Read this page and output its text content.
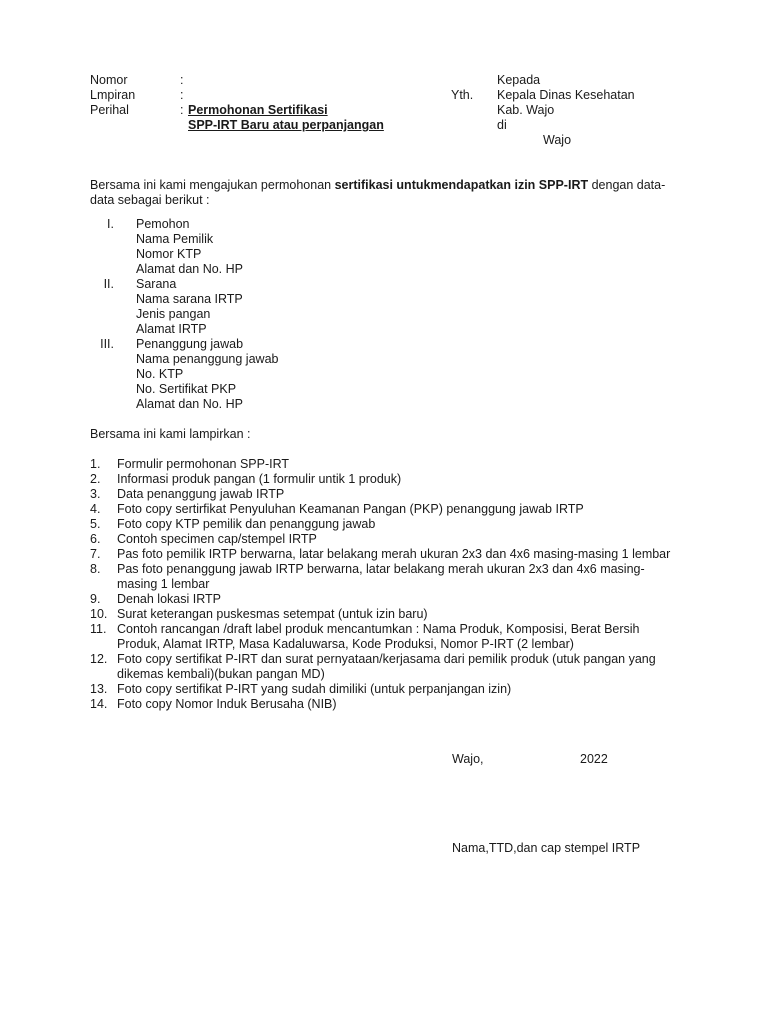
Nomor	:
Lmpiran	:
Perihal	: Permohonan Sertifikasi
SPP-IRT Baru atau perpanjangan
Yth.
Kepada
Kepala Dinas Kesehatan
Kab. Wajo
di
Wajo
Bersama ini kami mengajukan permohonan sertifikasi untukmendapatkan izin SPP-IRT dengan data-data sebagai berikut :
I. Pemohon
Nama Pemilik
Nomor KTP
Alamat dan No. HP
II. Sarana
Nama sarana IRTP
Jenis pangan
Alamat IRTP
III. Penanggung jawab
Nama penanggung jawab
No. KTP
No. Sertifikat PKP
Alamat dan No. HP
Bersama ini kami lampirkan :
1.	Formulir permohonan SPP-IRT
2.	Informasi produk pangan (1 formulir untik 1 produk)
3.	Data penanggung jawab IRTP
4.	Foto copy sertirfikat Penyuluhan Keamanan Pangan (PKP) penanggung jawab IRTP
5.	Foto copy KTP pemilik dan penanggung jawab
6.	Contoh specimen cap/stempel IRTP
7.	Pas foto pemilik IRTP berwarna, latar belakang merah ukuran 2x3 dan 4x6 masing-masing 1 lembar
8.	Pas foto penanggung jawab IRTP berwarna, latar belakang merah ukuran 2x3 dan 4x6 masing-masing 1 lembar
9.	Denah lokasi IRTP
10. Surat keterangan puskesmas setempat (untuk izin baru)
11. Contoh rancangan /draft label produk mencantumkan : Nama Produk, Komposisi, Berat Bersih Produk, Alamat IRTP, Masa Kadaluwarsa, Kode Produksi, Nomor P-IRT (2 lembar)
12. Foto copy sertifikat P-IRT dan surat pernyataan/kerjasama dari pemilik produk (utuk pangan yang dikemas kembali)(bukan pangan MD)
13. Foto copy sertifikat P-IRT yang sudah dimiliki (untuk perpanjangan izin)
14. Foto copy Nomor Induk Berusaha (NIB)
Wajo,	2022
Nama,TTD,dan cap stempel IRTP
